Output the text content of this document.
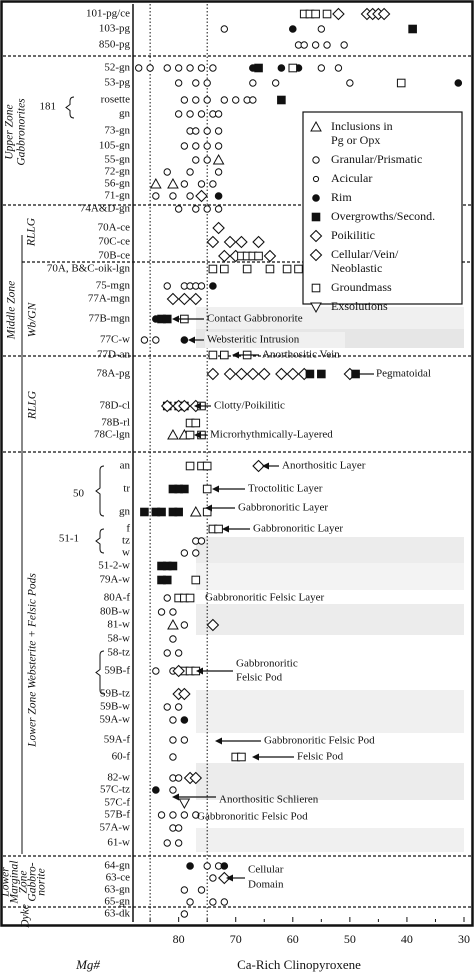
Upper Zone Gabbronorites
RLLG
Wb/GN
Middle Zone
RLLG
Lower Zone Websterite + Felsic Pods
Lower
Marginal
Zone
Gabbro-
norite
Dyke
181
50
51-1
101-pg/ce
103-pg
850-pg
52-gn
53-pg
rosette
gn
73-gn
105-gn
55-gn
72-gn
56-gn
71-gn
74A&D-gn
70A-ce
70C-ce
70B-ce
70A, B&C-oik-lgn
75-mgn
77A-mgn
77B-mgn
77C-w
77D-an
78A-pg
78D-cl
78B-rl
78C-lgn
an
tr
gn
f
tz
w
51-2-w
79A-w
80A-f
80B-w
81-w
58-w
58-tz
59B-f
59B-tz
59B-w
59A-w
59A-f
60-f
82-w
57C-tz
57C-f
57B-f
57A-w
61-w
64-gn
63-ce
63-gn
65-gn
63-dk
Inclusions in
Pg or Opx
Granular/Prismatic
Acicular
Rim
Overgrowths/Second.
Poikilitic
Cellular/Vein/
Neoblastic
Groundmass
Exsolutions
Contact Gabbronorite
Websteritic Intrusion
Anorthositic Vein
Pegmatoidal
Clotty/Poikilitic
Microrhythmically-Layered
Anorthositic Layer
Troctolitic Layer
Gabbronoritic Layer
Gabbronoritic Layer
Gabbronoritic Felsic Layer
Gabbronoritic
Felsic Pod
Gabbronoritic Felsic Pod
Felsic Pod
Anorthositic Schlieren
Gabbronoritic Felsic Pod
Cellular
Domain
80	70	60	50	40	30
Mg#	Ca-Rich Clinopyroxene
